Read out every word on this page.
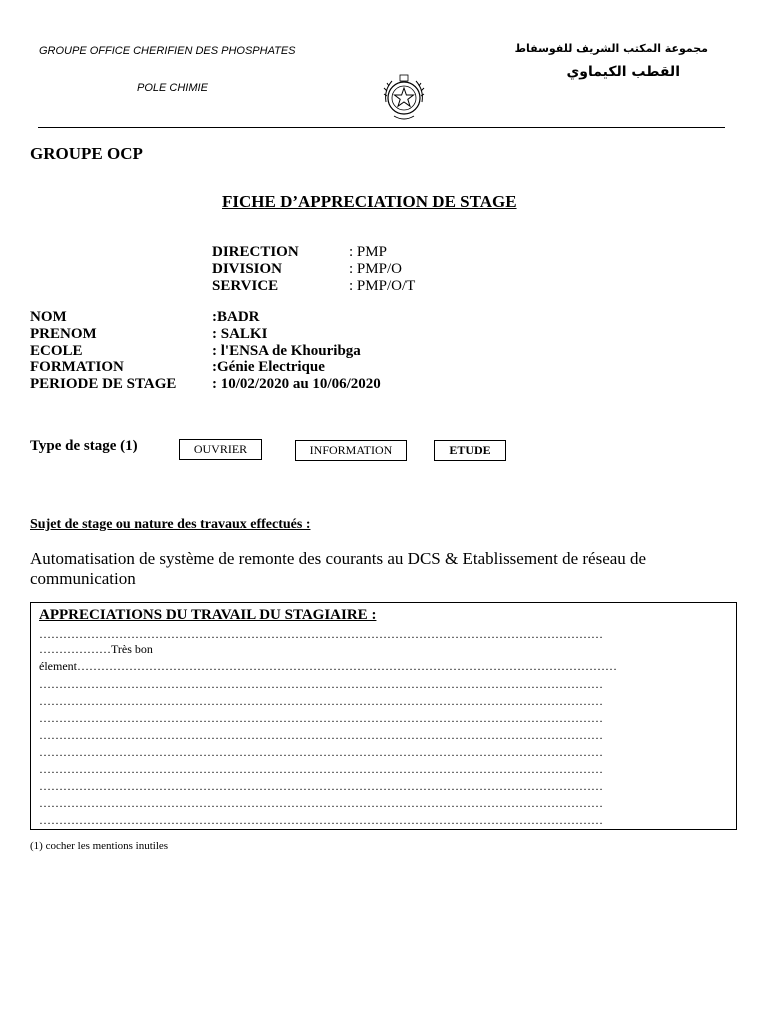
GROUPE OFFICE CHERIFIEN DES PHOSPHATES
POLE CHIMIE
مجموعة المكتب الشريف للفوسفاط
القطب الكيماوي
GROUPE OCP
FICHE D’APPRECIATION DE STAGE
DIRECTION	: PMP
DIVISION	: PMP/O
SERVICE	: PMP/O/T
NOM	:BADR
PRENOM	: SALKI
ECOLE	: l'ENSA de Khouribga
FORMATION	:Génie Electrique
PERIODE DE STAGE : 10/02/2020 au 10/06/2020
Type de stage (1)	OUVRIER	INFORMATION	ETUDE
Sujet de stage ou nature des travaux effectués :
Automatisation de système de remonte des courants au DCS & Etablissement de réseau de
communication
APPRECIATIONS DU TRAVAIL DU STAGIAIRE :
……………………………………………………………………………………………………………………………
………………Très bon
élement………………………………………………………………………………………………………………………
……………………………………………………………………………………………………………………………
……………………………………………………………………………………………………………………………
……………………………………………………………………………………………………………………………
……………………………………………………………………………………………………………………………
……………………………………………………………………………………………………………………………
……………………………………………………………………………………………………………………………
……………………………………………………………………………………………………………………………
……………………………………………………………………………………………………………………………
……………………………………………………………………………………………………………………………
(1) cocher les mentions inutiles
